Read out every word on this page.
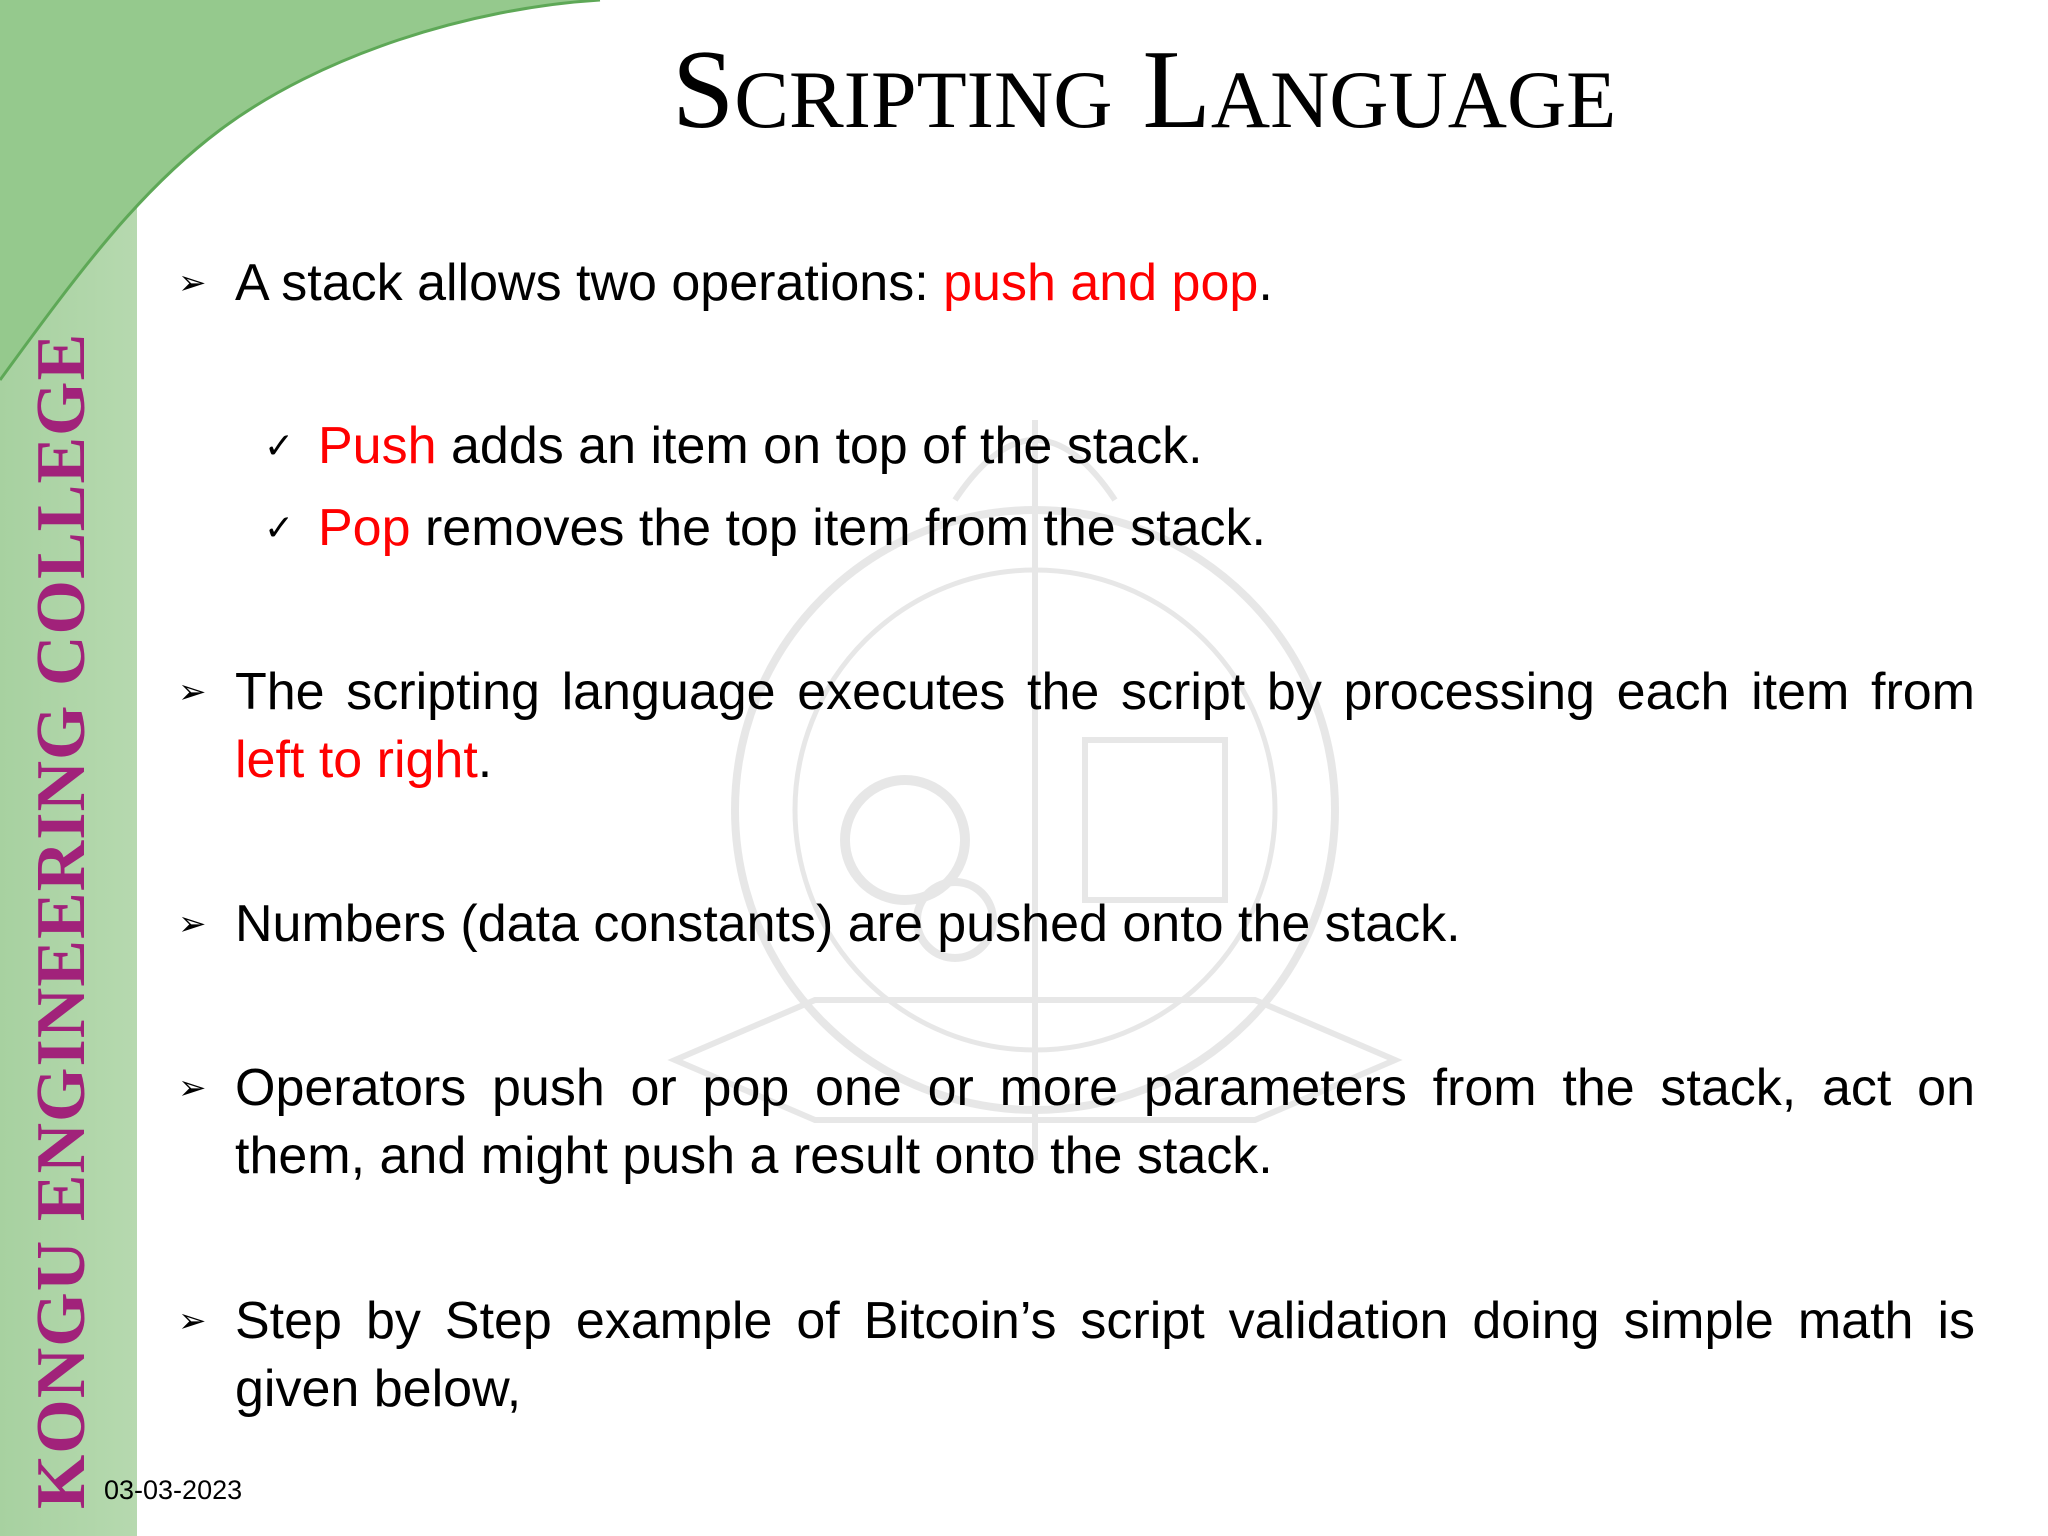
KONGU ENGINEERING COLLEGE
SCRIPTING LANGUAGE
➢ A stack allows two operations: push and pop.
✓ Push adds an item on top of the stack.
✓ Pop removes the top item from the stack.
➢ The scripting language executes the script by processing each item from left to right.
➢ Numbers (data constants) are pushed onto the stack.
➢ Operators push or pop one or more parameters from the stack, act on them, and might push a result onto the stack.
➢ Step by Step example of Bitcoin’s script validation doing simple math is given below,
03-03-2023
